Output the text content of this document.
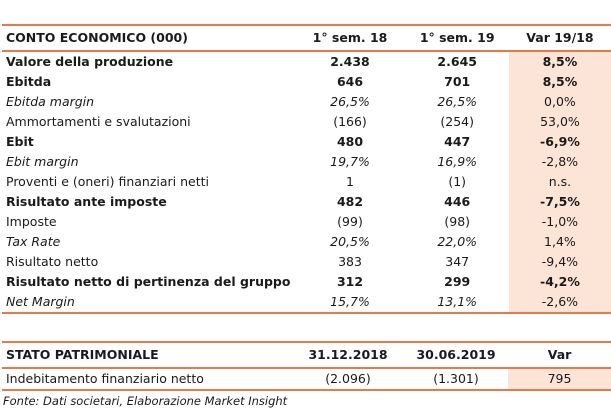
CONTO ECONOMICO (000)	1° sem. 18	1° sem. 19	Var 19/18
Valore della produzione	2.438	2.645	8,5%
Ebitda	646	701	8,5%
Ebitda margin	26,5%	26,5%	0,0%
Ammortamenti e svalutazioni	(166)	(254)	53,0%
Ebit	480	447	-6,9%
Ebit margin	19,7%	16,9%	-2,8%
Proventi e (oneri) finanziari netti	1	(1)	n.s.
Risultato ante imposte	482	446	-7,5%
Imposte	(99)	(98)	-1,0%
Tax Rate	20,5%	22,0%	1,4%
Risultato netto	383	347	-9,4%
Risultato netto di pertinenza del gruppo	312	299	-4,2%
Net Margin	15,7%	13,1%	-2,6%
STATO PATRIMONIALE	31.12.2018	30.06.2019	Var
Indebitamento finanziario netto	(2.096)	(1.301)	795
Fonte: Dati societari, Elaborazione Market Insight
